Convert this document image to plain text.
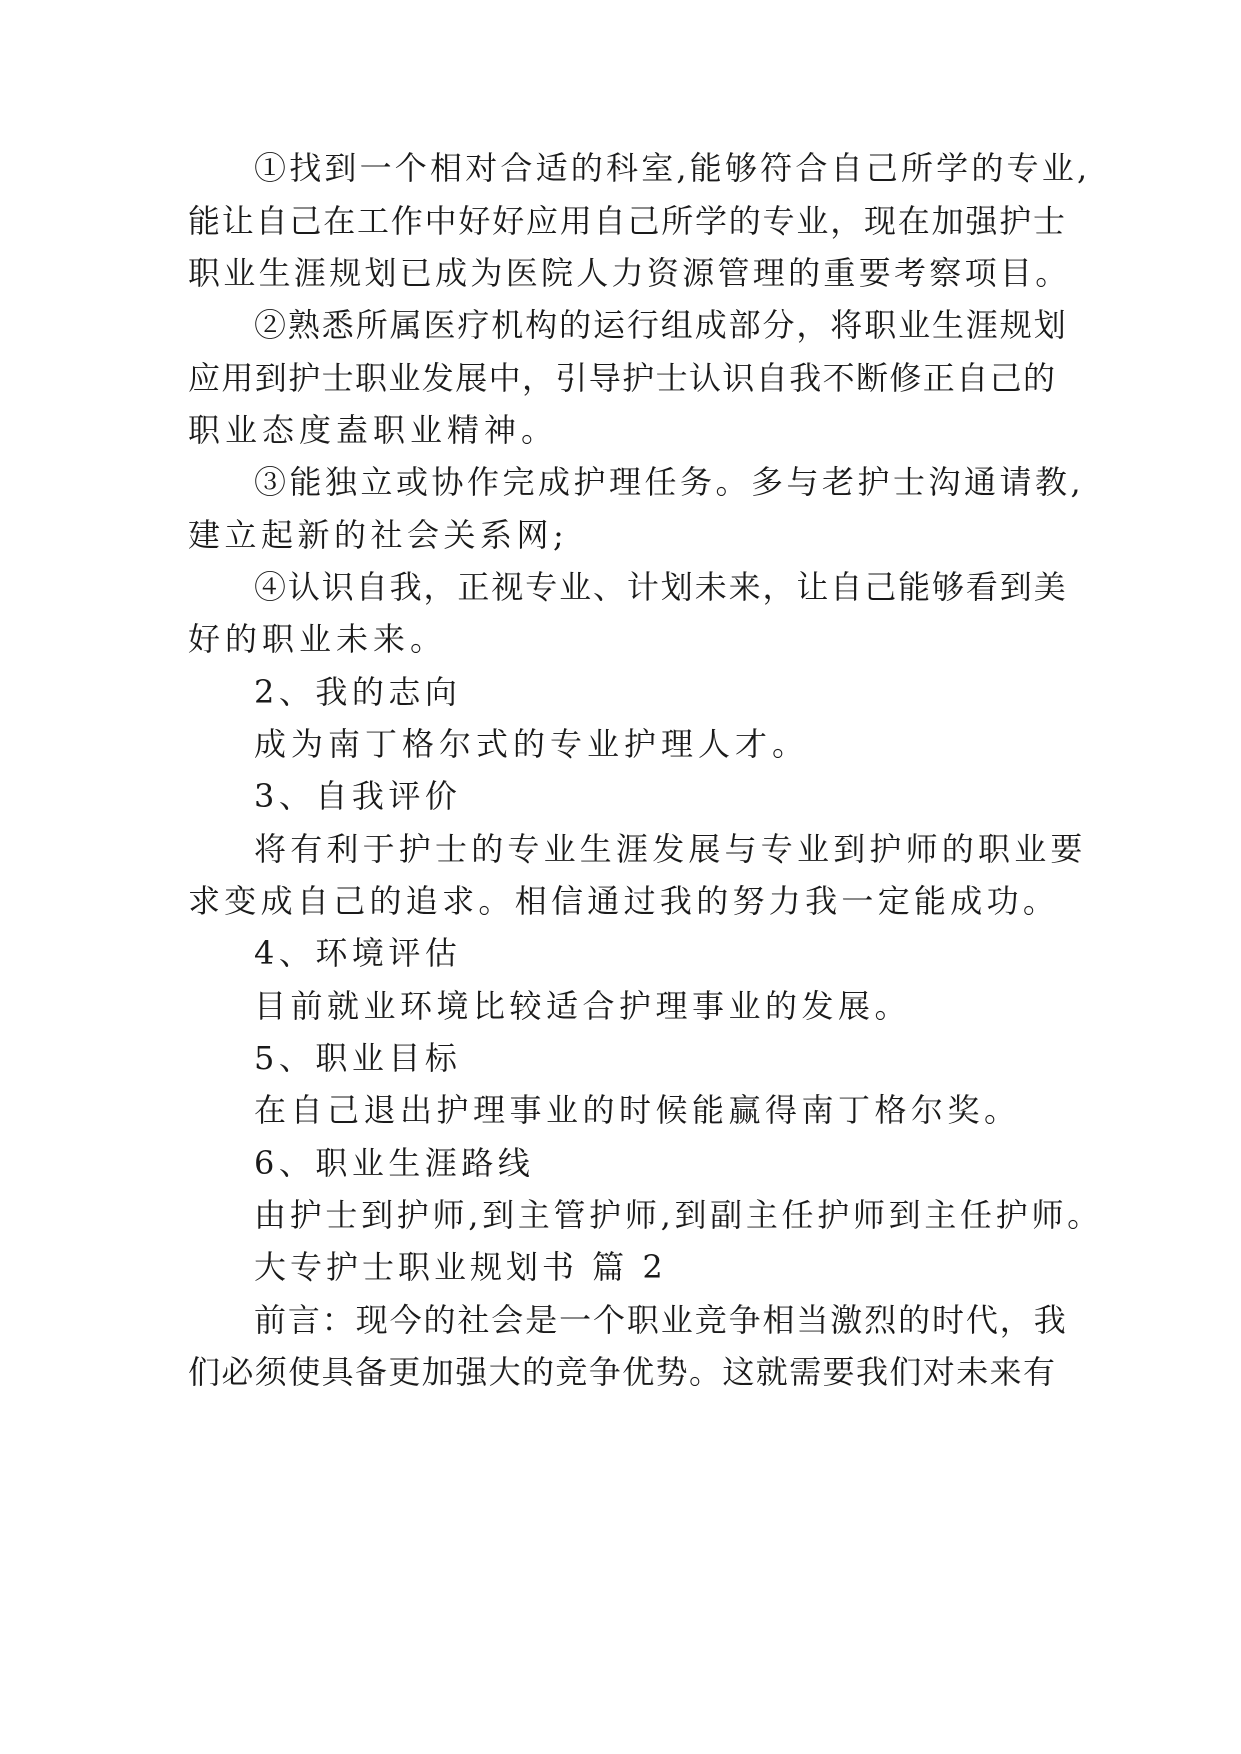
①找到一个相对合适的科室,能够符合自己所学的专业,
能让自己在工作中好好应用自己所学的专业，现在加强护士
职业生涯规划已成为医院人力资源管理的重要考察项目。
②熟悉所属医疗机构的运行组成部分，将职业生涯规划
应用到护士职业发展中，引导护士认识自我不断修正自己的
职业态度盍职业精神。
③能独立或协作完成护理任务。多与老护士沟通请教,
建立起新的社会关系网;
④认识自我，正视专业、计划未来，让自己能够看到美
好的职业未来。
2、我的志向
成为南丁格尔式的专业护理人才。
3、自我评价
将有利于护士的专业生涯发展与专业到护师的职业要
求变成自己的追求。相信通过我的努力我一定能成功。
4、环境评估
目前就业环境比较适合护理事业的发展。
5、职业目标
在自己退出护理事业的时候能赢得南丁格尔奖。
6、职业生涯路线
由护士到护师,到主管护师,到副主任护师到主任护师。
大专护士职业规划书 篇 2
前言：现今的社会是一个职业竞争相当激烈的时代，我
们必须使具备更加强大的竞争优势。这就需要我们对未来有
